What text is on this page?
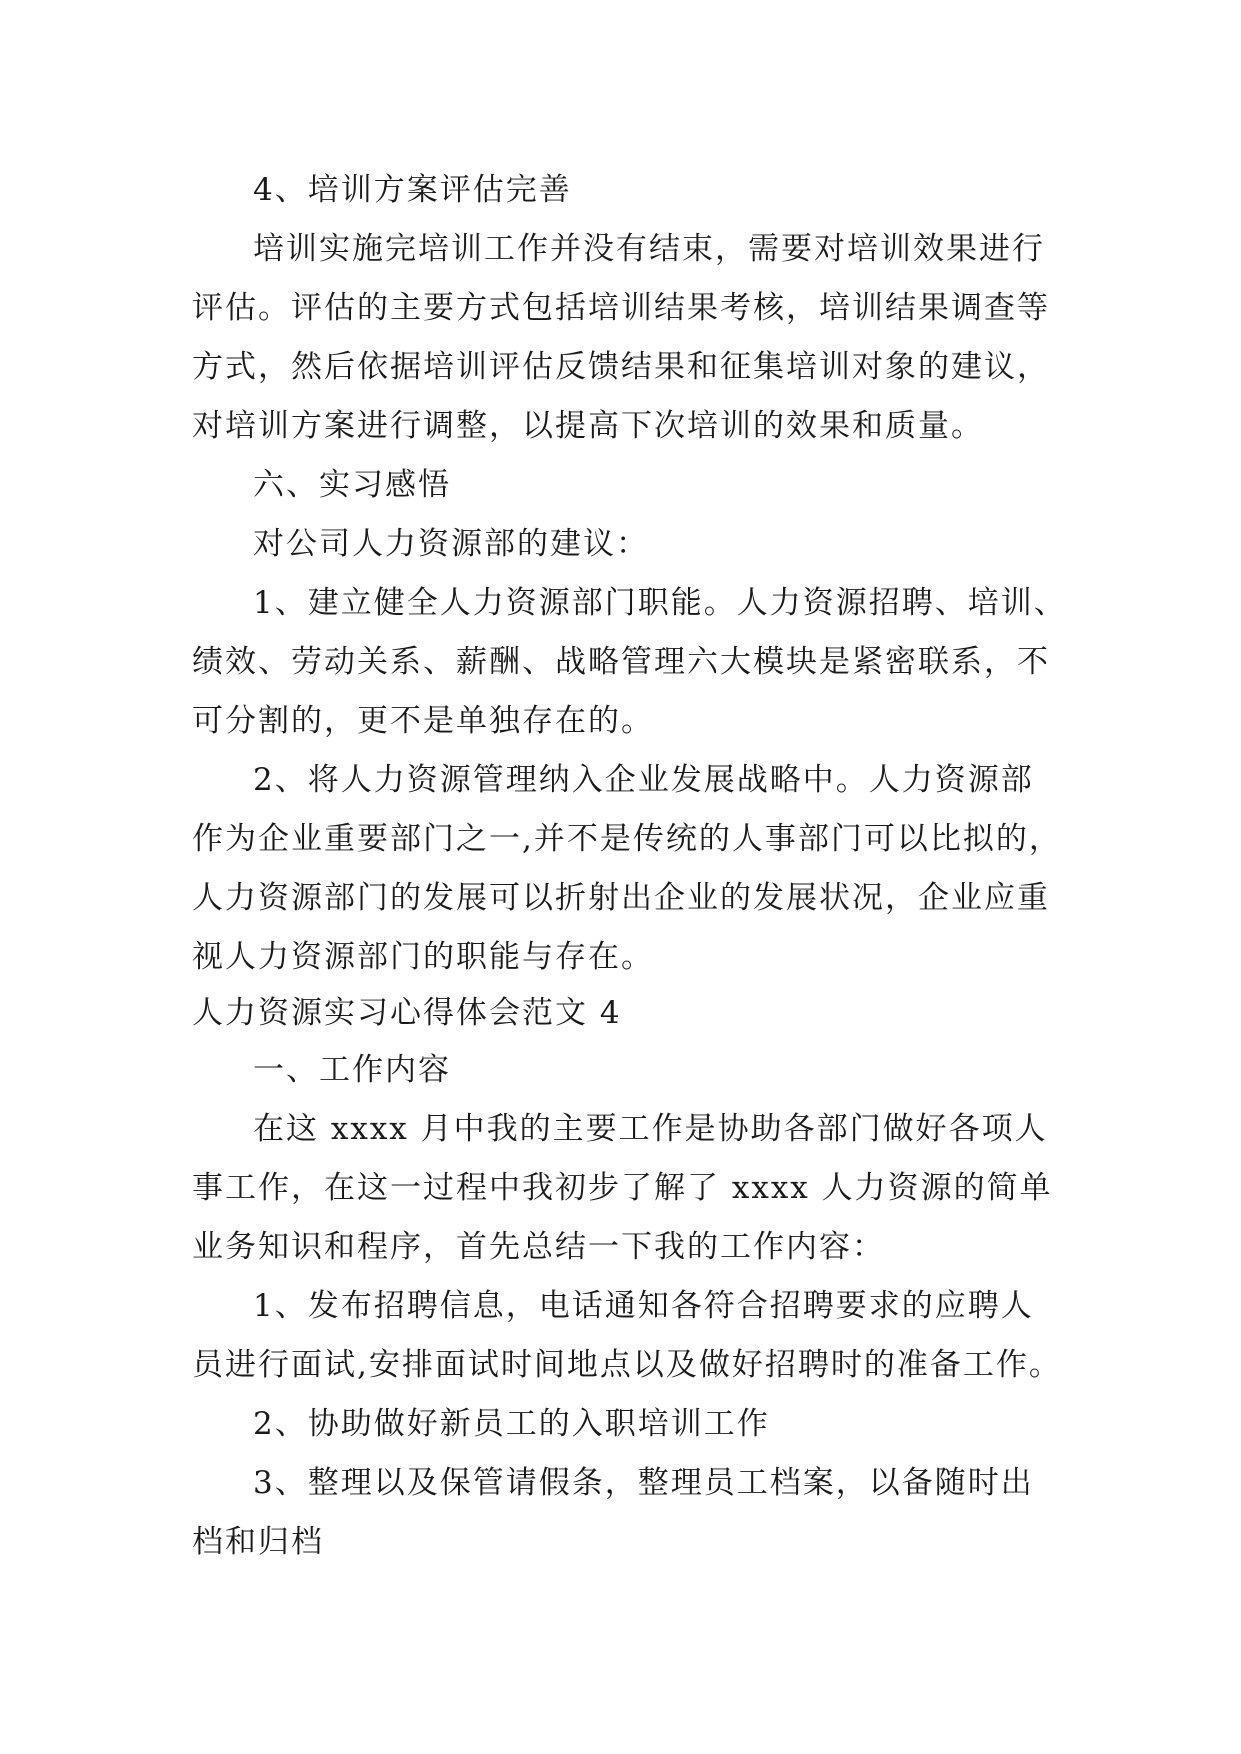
4、培训方案评估完善

培训实施完培训工作并没有结束，需要对培训效果进行

评估。评估的主要方式包括培训结果考核，培训结果调查等

方式，然后依据培训评估反馈结果和征集培训对象的建议，

对培训方案进行调整，以提高下次培训的效果和质量。

六、实习感悟

对公司人力资源部的建议：

1、建立健全人力资源部门职能。人力资源招聘、培训、

绩效、劳动关系、薪酬、战略管理六大模块是紧密联系，不

可分割的，更不是单独存在的。

2、将人力资源管理纳入企业发展战略中。人力资源部

作为企业重要部门之一,并不是传统的人事部门可以比拟的，

人力资源部门的发展可以折射出企业的发展状况，企业应重

视人力资源部门的职能与存在。

人力资源实习心得体会范文 4

一、工作内容

在这 xxxx 月中我的主要工作是协助各部门做好各项人

事工作，在这一过程中我初步了解了 xxxx 人力资源的简单

业务知识和程序，首先总结一下我的工作内容：

1、发布招聘信息，电话通知各符合招聘要求的应聘人

员进行面试,安排面试时间地点以及做好招聘时的准备工作。

2、协助做好新员工的入职培训工作

3、整理以及保管请假条，整理员工档案，以备随时出

档和归档
